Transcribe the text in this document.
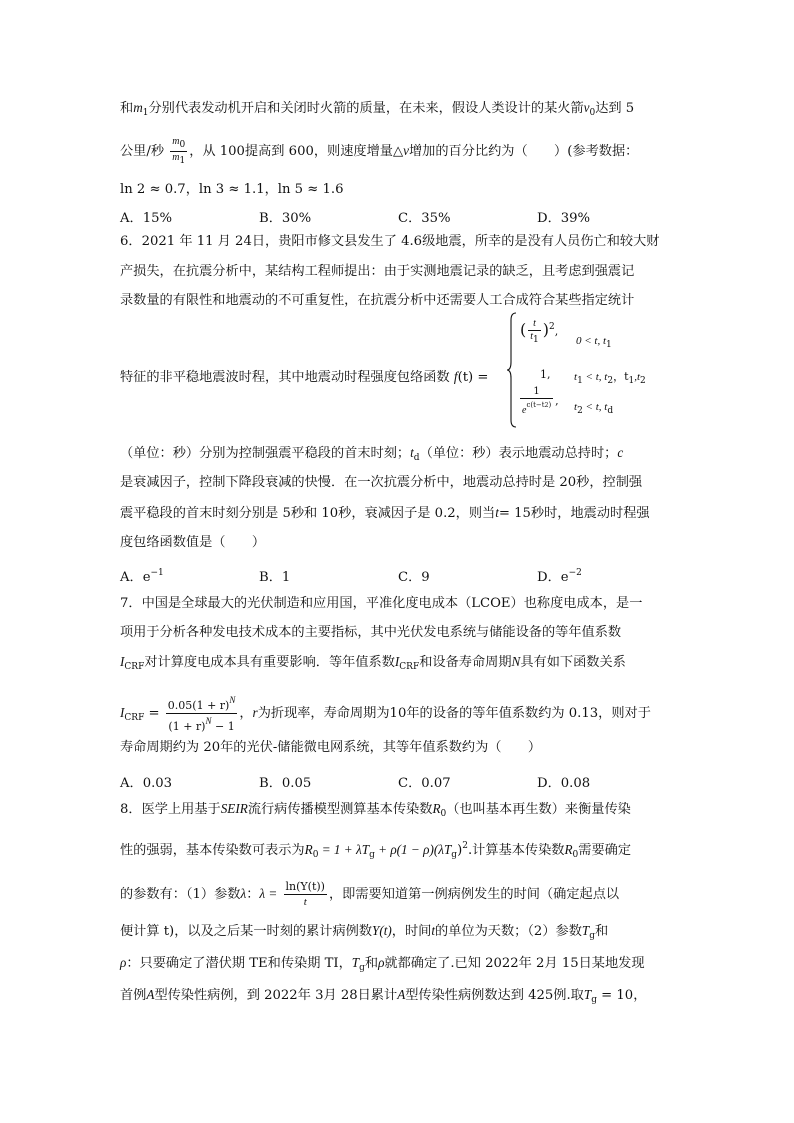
和$m_1$分别代表发动机开启和关闭时火箭的质量，在未来，假设人类设计的某火箭$v_0$达到 5
公里/秒 $\frac{m0}{m1}$ ，从 100提高到 600，则速度增量△v增加的百分比约为（　　）(参考数据：
ln 2 ≈ 0.7，ln 3 ≈ 1.1，ln 5 ≈ 1.6
A．15%	B．30%	C．35%	D．39%
6．2021 年 11 月 24日，贵阳市修文县发生了 4.6级地震，所幸的是没有人员伤亡和较大财
产损失，在抗震分析中，某结构工程师提出：由于实测地震记录的缺乏，且考虑到强震记
录数量的有限性和地震动的不可重复性，在抗震分析中还需要人工合成符合某些指定统计
特征的非平稳地震波时程，其中地震动时程强度包络函数 f(t) =
( $\frac{t}{t1} )^2$,
0 < t, $t_1$
1, $t_1 < t$, $t_2$，$t_1,t_2$
$\frac{1}{e^{c(t-t2)}}$ , $t_2 < t$, $t_d$
（单位：秒）分别为控制强震平稳段的首末时刻；$t_d$（单位：秒）表示地震动总持时；c
是衰减因子，控制下降段衰减的快慢．在一次抗震分析中，地震动总持时是 20秒，控制强
震平稳段的首末时刻分别是 5秒和 10秒，衰减因子是 0.2，则当t= 15秒时，地震动时程强
度包络函数值是（　　）
A．$e^{-1}$	B．1	C．9	D．$e^{-2}$
7．中国是全球最大的光伏制造和应用国，平准化度电成本（LCOE）也称度电成本，是一
项用于分析各种发电技术成本的主要指标，其中光伏发电系统与储能设备的等年值系数
$I_{CRF}$对计算度电成本具有重要影响．等年值系数$I_{CRF}$和设备寿命周期N具有如下函数关系
$I_{CRF} = \frac{0.05(1 + r)^N}{(1 + r)^N - 1}$ ，r为折现率，寿命周期为10年的设备的等年值系数约为 0.13，则对于
寿命周期约为 20年的光伏-储能微电网系统，其等年值系数约为（　　）
A．0.03	B．0.05	C．0.07	D．0.08
8．医学上用基于SEIR流行病传播模型测算基本传染数$R_0$（也叫基本再生数）来衡量传染
性的强弱，基本传染数可表示为$R_0 = 1 + \lambda T_g + \rho(1 - \rho)(\lambda T_g)^2$.计算基本传染数$R_0$需要确定
的参数有：（1）参数λ：$\lambda = \frac{\ln(Y(t))}{t}$ ，即需要知道第一例病例发生的时间（确定起点以
便计算 t)，以及之后某一时刻的累计病例数Y(t)，时间t的单位为天数；（2）参数$T_g$和
ρ：只要确定了潜伏期 TE和传染期 TI，$T_g$和ρ就都确定了.已知 2022年 2月 15日某地发现
首例A型传染性病例，到 2022年 3月 28日累计A型传染性病例数达到 425例.取$T_g = 10$，
